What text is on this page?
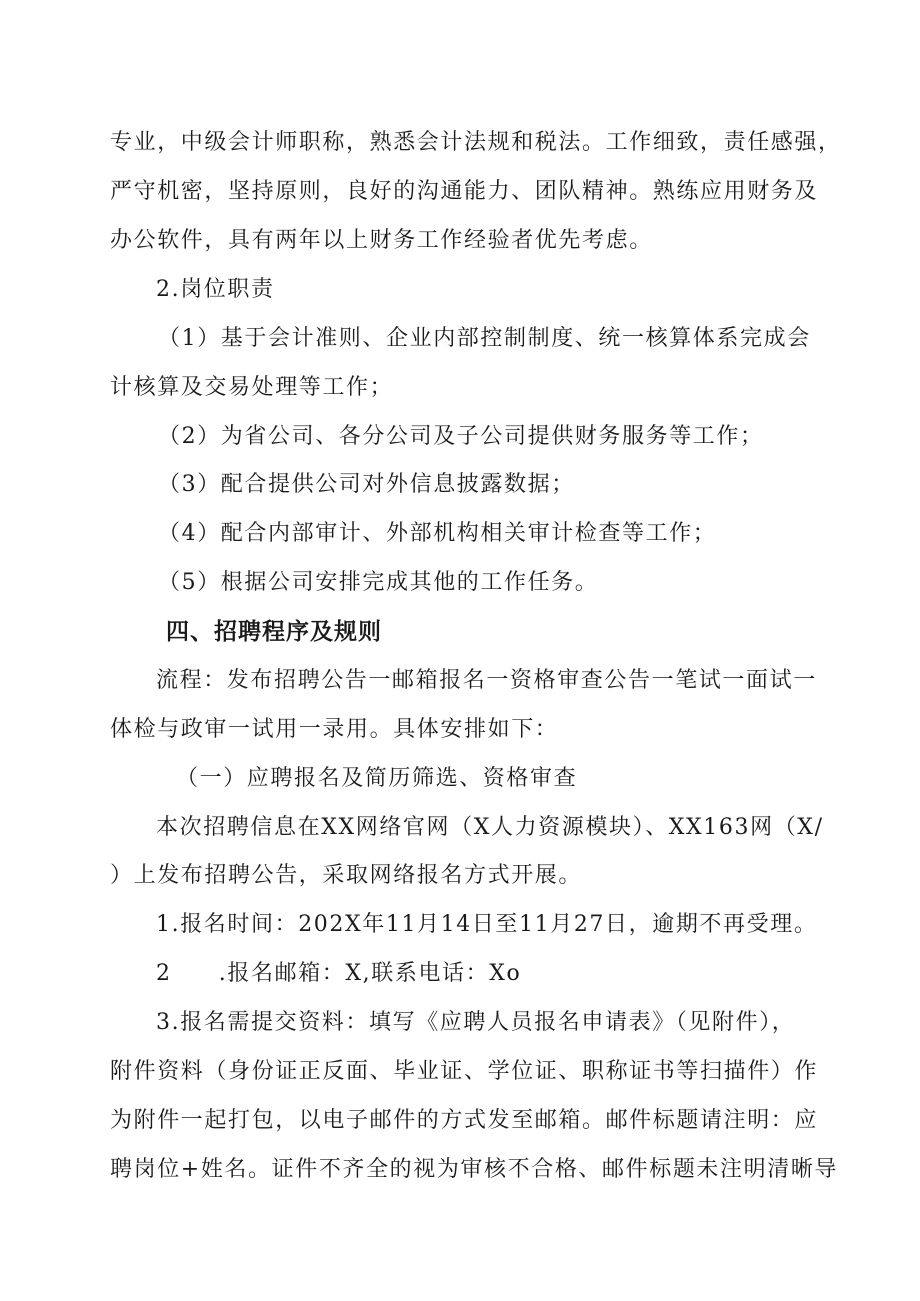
专业，中级会计师职称，熟悉会计法规和税法。工作细致，责任感强，
严守机密，坚持原则，良好的沟通能力、团队精神。熟练应用财务及
办公软件，具有两年以上财务工作经验者优先考虑。
2.岗位职责
（1）基于会计准则、企业内部控制制度、统一核算体系完成会
计核算及交易处理等工作；
（2）为省公司、各分公司及子公司提供财务服务等工作；
（3）配合提供公司对外信息披露数据；
（4）配合内部审计、外部机构相关审计检查等工作；
（5）根据公司安排完成其他的工作任务。
四、招聘程序及规则
流程：发布招聘公告一邮箱报名一资格审查公告一笔试一面试一
体检与政审一试用一录用。具体安排如下：
（一）应聘报名及简历筛选、资格审查
本次招聘信息在XX网络官网（X人力资源模块）、XX163网（X/
）上发布招聘公告，采取网络报名方式开展。
1.报名时间：202X年11月14日至11月27日，逾期不再受理。
2　　.报名邮箱：X,联系电话：Xo
3.报名需提交资料：填写《应聘人员报名申请表》（见附件），
附件资料（身份证正反面、毕业证、学位证、职称证书等扫描件）作
为附件一起打包，以电子邮件的方式发至邮箱。邮件标题请注明：应
聘岗位+姓名。证件不齐全的视为审核不合格、邮件标题未注明清晰导
